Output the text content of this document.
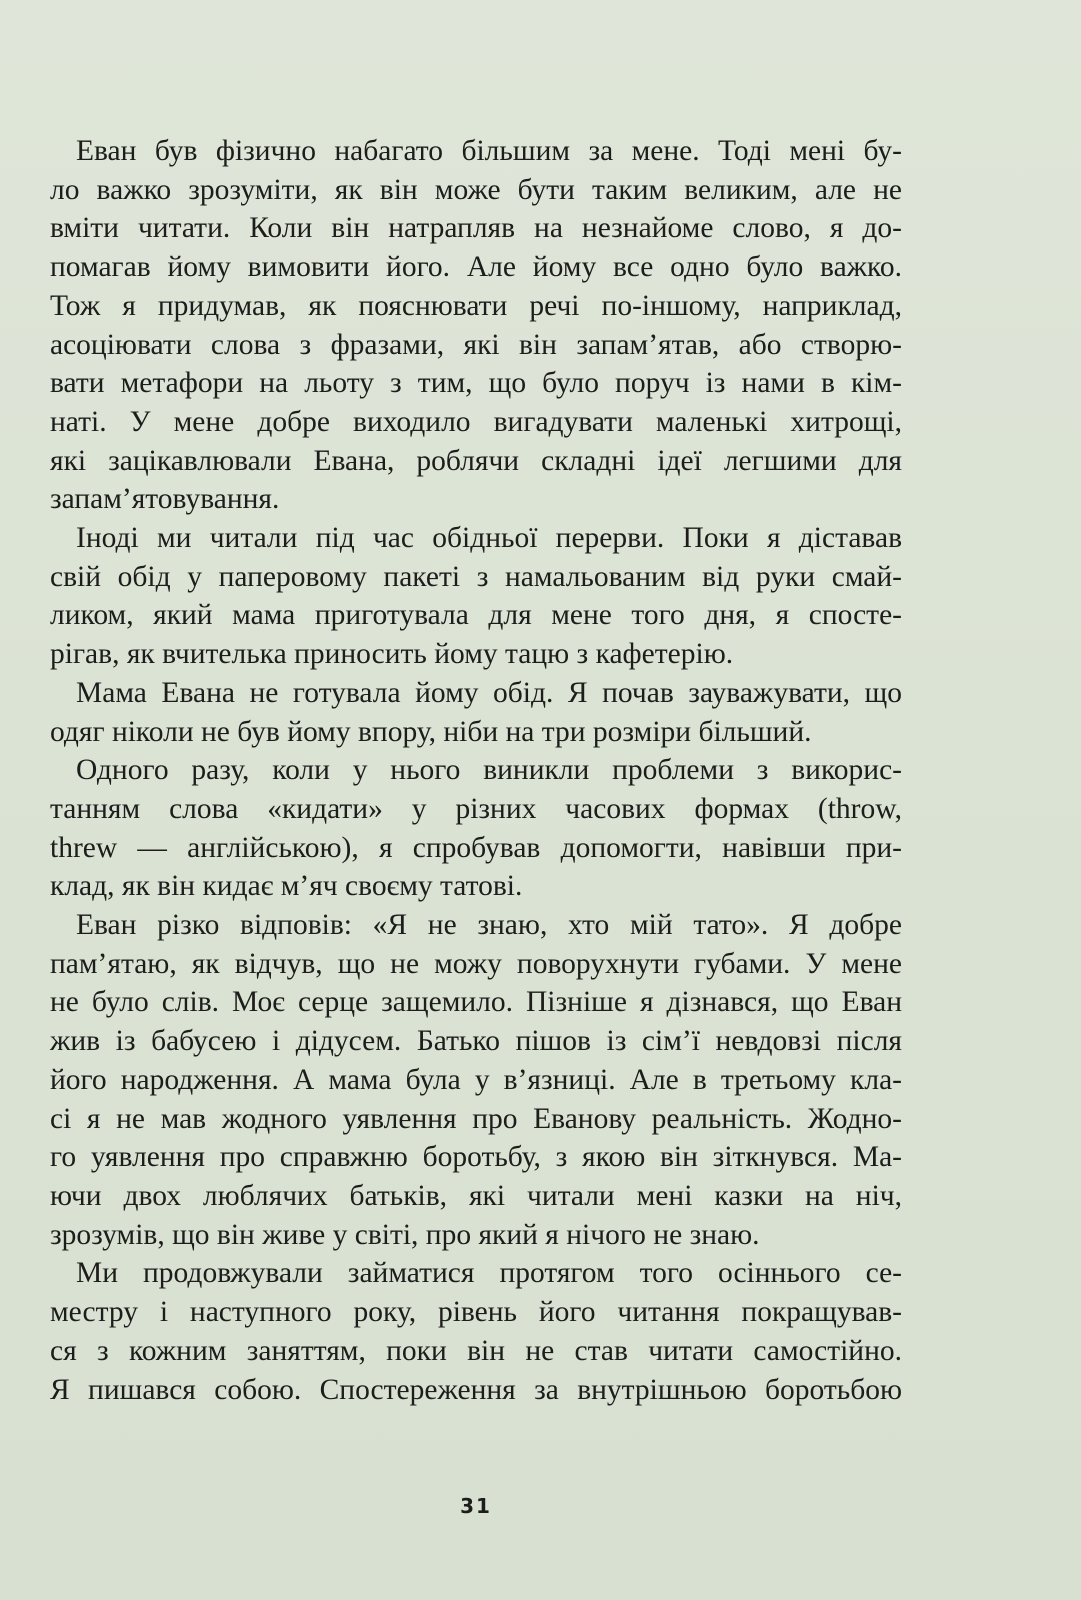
Еван був фізично набагато більшим за мене. Тоді мені бу-
ло важко зрозуміти, як він може бути таким великим, але не
вміти читати. Коли він натрапляв на незнайоме слово, я до-
помагав йому вимовити його. Але йому все одно було важко.
Тож я придумав, як пояснювати речі по-іншому, наприклад,
асоціювати слова з фразами, які він запам’ятав, або створю-
вати метафори на льоту з тим, що було поруч із нами в кім-
наті. У мене добре виходило вигадувати маленькі хитрощі,
які зацікавлювали Евана, роблячи складні ідеї легшими для
запам’ятовування.

Іноді ми читали під час обідньої перерви. Поки я діставав
свій обід у паперовому пакеті з намальованим від руки смай-
ликом, який мама приготувала для мене того дня, я спосте-
рігав, як вчителька приносить йому тацю з кафетерію.

Мама Евана не готувала йому обід. Я почав зауважувати, що
одяг ніколи не був йому впору, ніби на три розміри більший.

Одного разу, коли у нього виникли проблеми з викорис-
танням слова «кидати» у різних часових формах (throw,
threw — англійською), я спробував допомогти, навівши при-
клад, як він кидає м’яч своєму татові.

Еван різко відповів: «Я не знаю, хто мій тато». Я добре
пам’ятаю, як відчув, що не можу поворухнути губами. У мене
не було слів. Моє серце защемило. Пізніше я дізнався, що Еван
жив із бабусею і дідусем. Батько пішов із сім’ї невдовзі після
його народження. А мама була у в’язниці. Але в третьому кла-
сі я не мав жодного уявлення про Еванову реальність. Жодно-
го уявлення про справжню боротьбу, з якою він зіткнувся. Ма-
ючи двох люблячих батьків, які читали мені казки на ніч,
зрозумів, що він живе у світі, про який я нічого не знаю.

Ми продовжували займатися протягом того осіннього се-
местру і наступного року, рівень його читання покращував-
ся з кожним заняттям, поки він не став читати самостійно.
Я пишався собою. Спостереження за внутрішньою боротьбою

31
